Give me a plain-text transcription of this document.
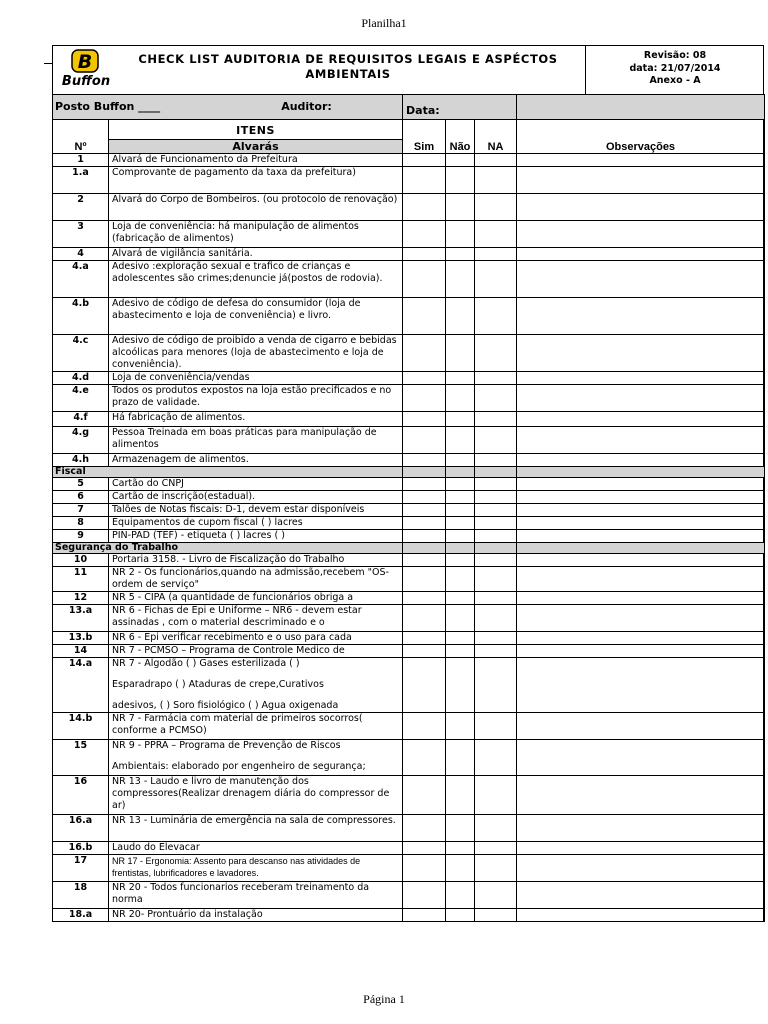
Planilha1
B
Buffon
CHECK LIST AUDITORIA DE REQUISITOS LEGAIS E ASPÉCTOS AMBIENTAIS
Revisão: 08
data: 21/07/2014
Anexo - A
Posto Buffon ____ Auditor:		Data:			
Nº	ITENS
Alvarás	Sim	Não	NA	Observações
1	Alvará de Funcionamento da Prefeitura				

1.a	Comprovante de pagamento da taxa da prefeitura)				

2	Alvará do Corpo de Bombeiros. (ou protocolo de renovação)				

3	Loja de conveniência: há manipulação de alimentos (fabricação de alimentos)				

4	Alvará de vigilância sanitária.				

4.a	Adesivo :exploração sexual e trafico de crianças e adolescentes são crimes;denuncie já(postos de rodovia).				

4.b	Adesivo de código de defesa do consumidor (loja de abastecimento e loja de conveniência) e livro.				

4.c	Adesivo de código de proibido a venda de cigarro e bebidas alcoólicas para menores (loja de abastecimento e loja de conveniência).				

4.d	Loja de conveniência/vendas				

4.e	Todos os produtos expostos na loja estão precificados e no prazo de validade.				

4.f	Há fabricação de alimentos.				

4.g	Pessoa Treinada em boas práticas para manipulação de alimentos				

4.h	Armazenagem de alimentos.				

Fiscal					
5	Cartão do CNPJ				

6	Cartão de inscrição(estadual).				

7	Talões de Notas fiscais: D-1, devem estar disponíveis				

8	Equipamentos de cupom fiscal ( ) lacres				

9	PIN-PAD (TEF) - etiqueta ( ) lacres ( )				

Segurança do Trabalho					
10	Portaria 3158. - Livro de Fiscalização do Trabalho				

11	NR 2 - Os funcionários,quando na admissão,recebem "OS-ordem de serviço"				

12	NR 5 - CIPA (a quantidade de funcionários obriga a				

13.a	NR 6 - Fichas de Epi e Uniforme – NR6 - devem estar assinadas , com o material descriminado e o				

13.b	NR 6 - Epi verificar recebimento e o uso para cada				

14	NR 7 - PCMSO – Programa de Controle Medico de				

14.a	NR 7 - Algodão ( ) Gases esterilizada ( )
Esparadrapo ( ) Ataduras de crepe,Curativos
adesivos, ( ) Soro fisiológico ( ) Agua oxigenada				

14.b	NR 7 - Farmácia com material de primeiros socorros( conforme a PCMSO)				

15	NR 9 - PPRA – Programa de Prevenção de Riscos
Ambientais: elaborado por engenheiro de segurança;				

16	NR 13 - Laudo e livro de manutenção dos compressores(Realizar drenagem diária do compressor de ar)				

16.a	NR 13 - Luminária de emergência na sala de compressores.				

16.b	Laudo do Elevacar				

17	NR 17 - Ergonomia: Assento para descanso nas atividades de frentistas, lubrificadores e lavadores.				

18	NR 20 - Todos funcionarios receberam treinamento da norma				

18.a	NR 20- Prontuário da instalação				

Página 1
